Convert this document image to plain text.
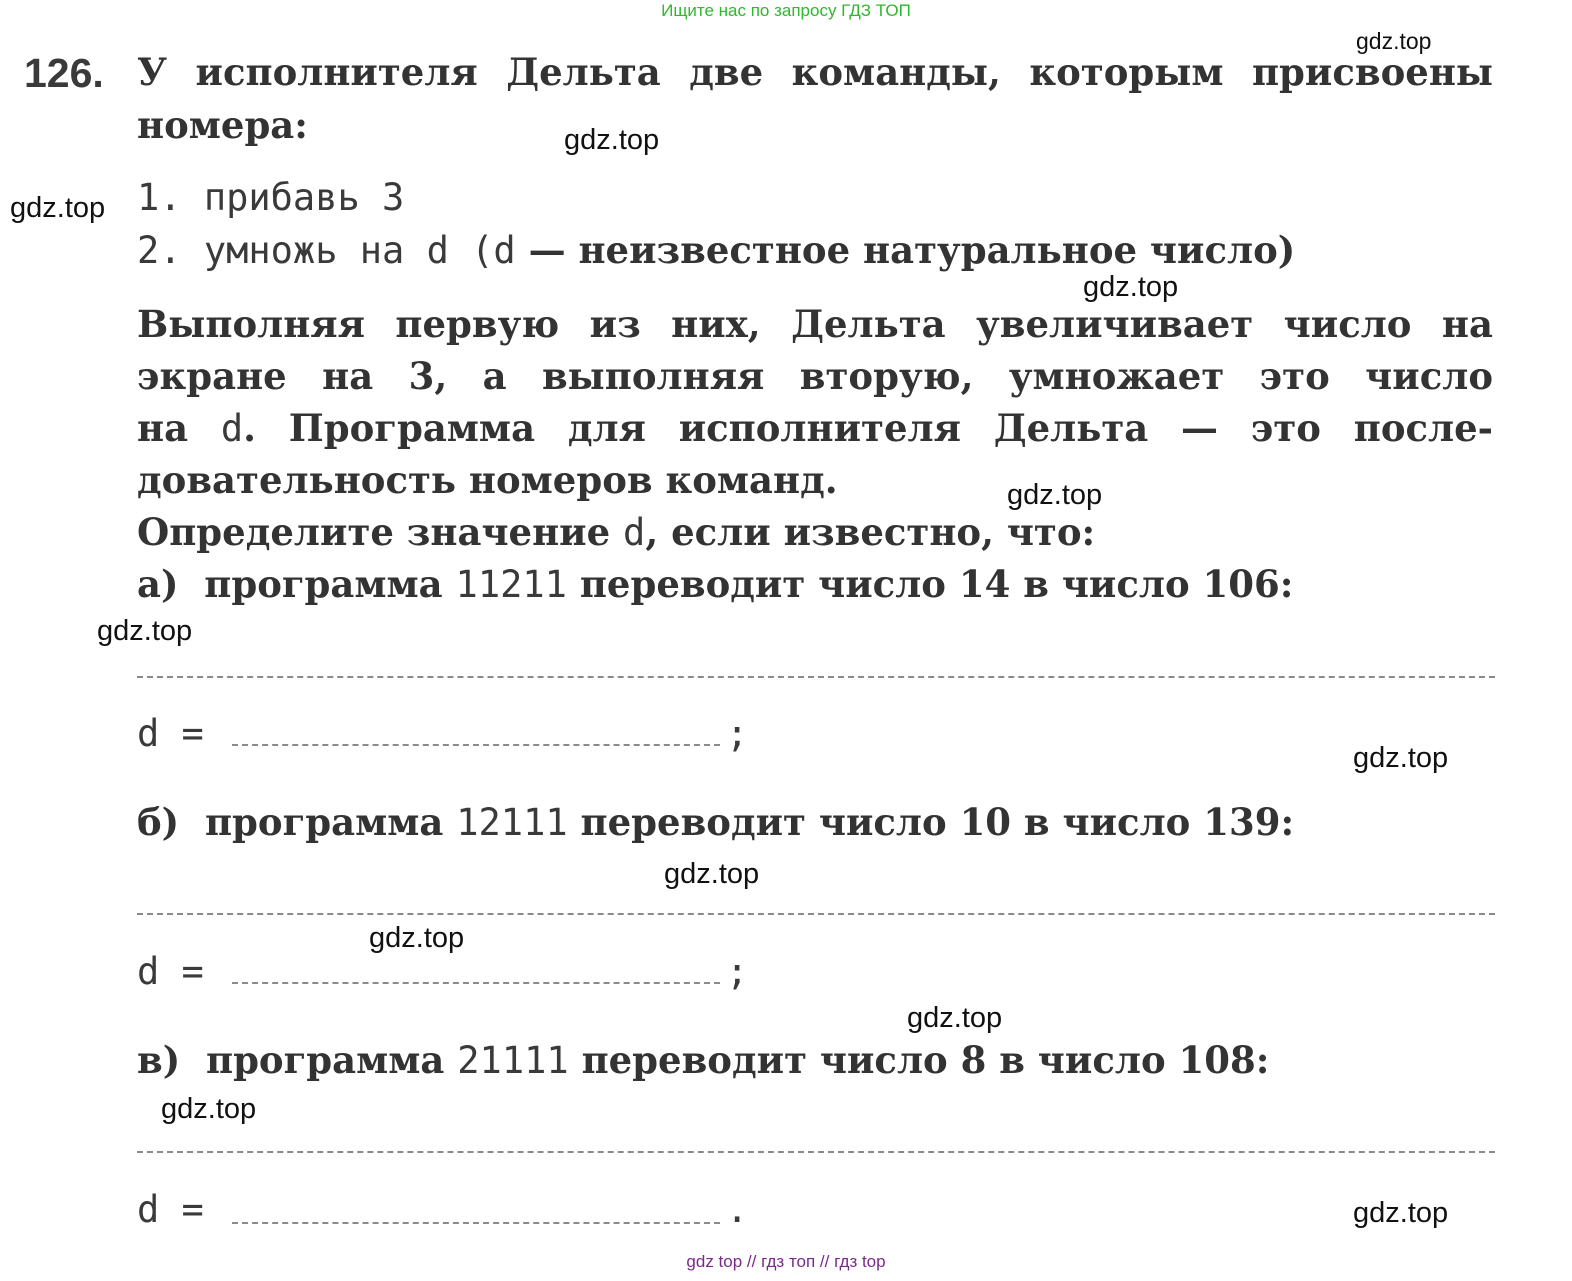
Ищите нас по запросу ГДЗ ТОП
gdz top // гдз топ // гдз top
126. У исполнителя Дельта две команды, которым присвоены
номера:
1. прибавь 3
2. умножь на d (d — неизвестное натуральное число)
Выполняя первую из них, Дельта увеличивает число на
экране на 3, а выполняя вторую, умножает это число
на d. Программа для исполнителя Дельта — это после-
довательность номеров команд.
Определите значение d, если известно, что:
а) программа 11211 переводит число 14 в число 106:
d =	;
б) программа 12111 переводит число 10 в число 139:
d =	;
в) программа 21111 переводит число 8 в число 108:
d =	.
gdz.top
gdz.top
gdz.top
gdz.top
gdz.top
gdz.top
gdz.top
gdz.top
gdz.top
gdz.top
gdz.top
gdz.top
